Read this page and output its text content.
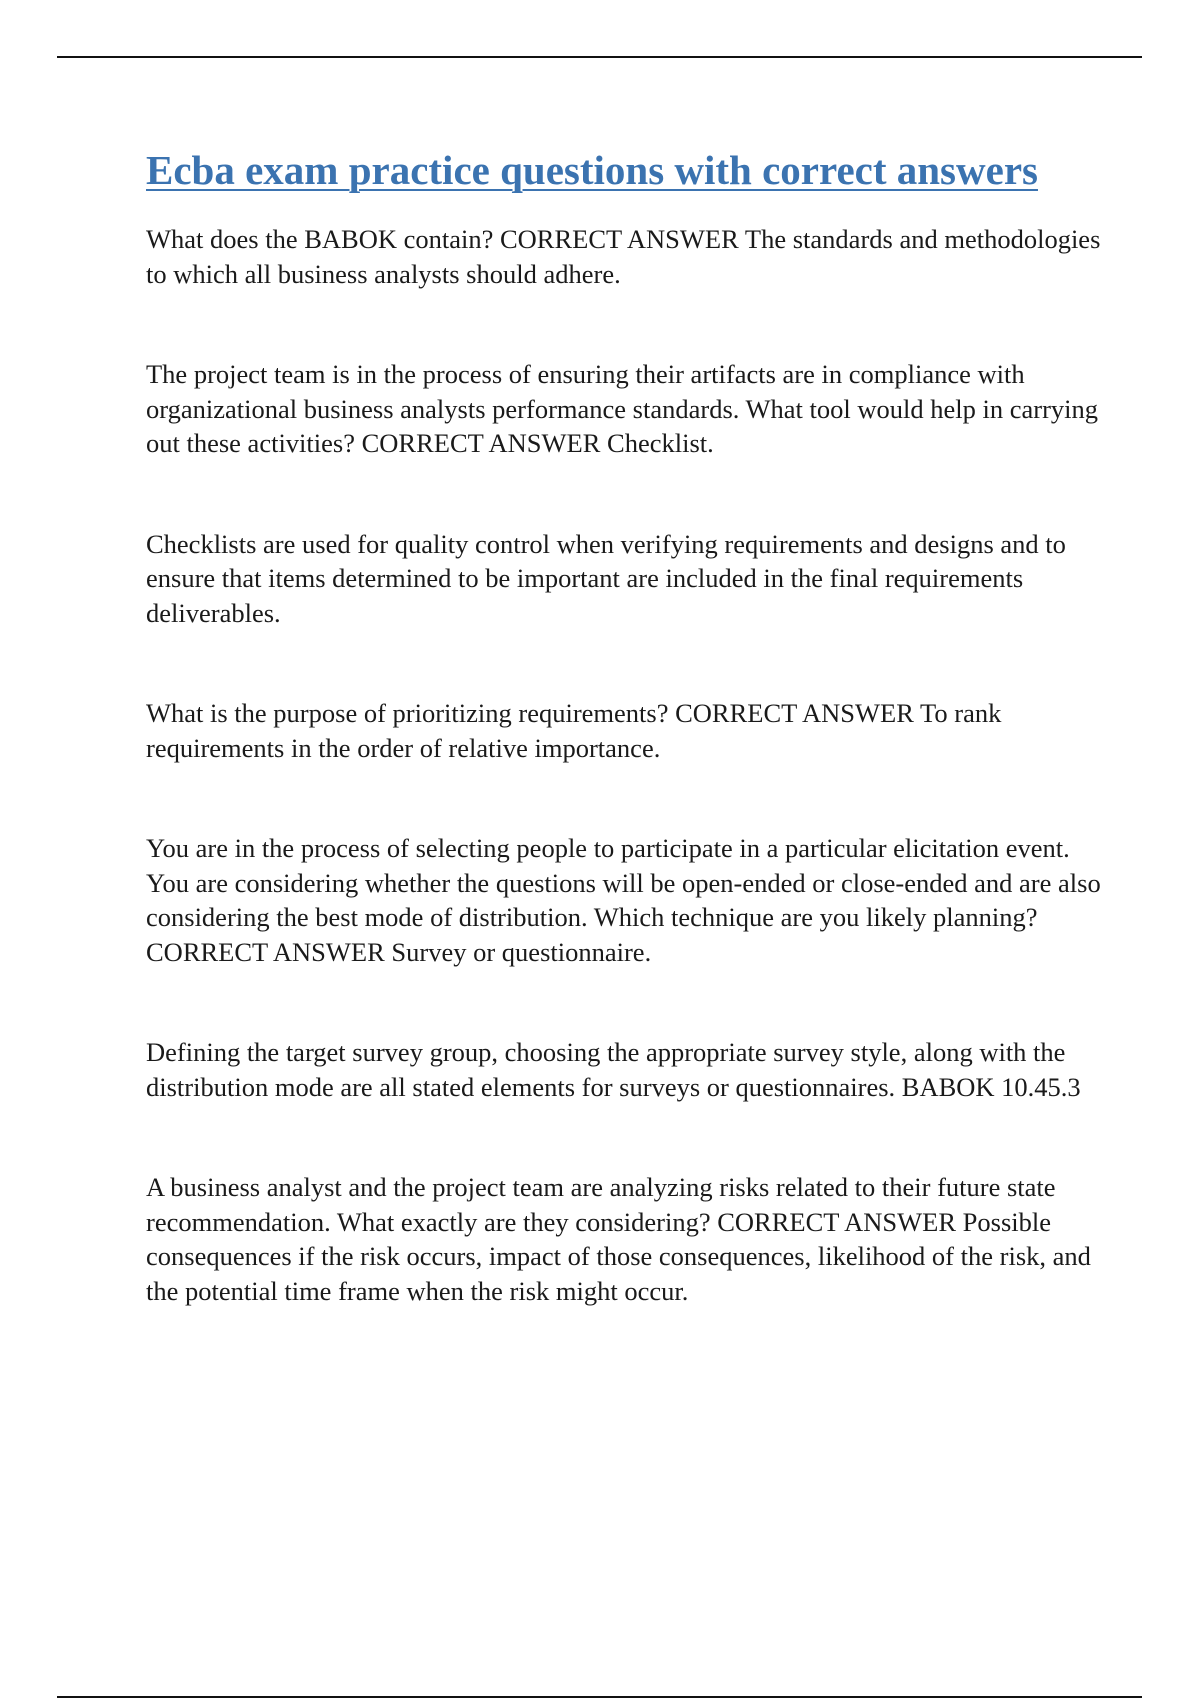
Ecba exam practice questions with correct answers

What does the BABOK contain? CORRECT ANSWER The standards and methodologies to which all business analysts should adhere.

The project team is in the process of ensuring their artifacts are in compliance with organizational business analysts performance standards. What tool would help in carrying out these activities? CORRECT ANSWER Checklist.

Checklists are used for quality control when verifying requirements and designs and to ensure that items determined to be important are included in the final requirements deliverables.

What is the purpose of prioritizing requirements? CORRECT ANSWER To rank requirements in the order of relative importance.

You are in the process of selecting people to participate in a particular elicitation event. You are considering whether the questions will be open-ended or close-ended and are also considering the best mode of distribution. Which technique are you likely planning? CORRECT ANSWER Survey or questionnaire.

Defining the target survey group, choosing the appropriate survey style, along with the distribution mode are all stated elements for surveys or questionnaires. BABOK 10.45.3

A business analyst and the project team are analyzing risks related to their future state recommendation. What exactly are they considering? CORRECT ANSWER Possible consequences if the risk occurs, impact of those consequences, likelihood of the risk, and the potential time frame when the risk might occur.
